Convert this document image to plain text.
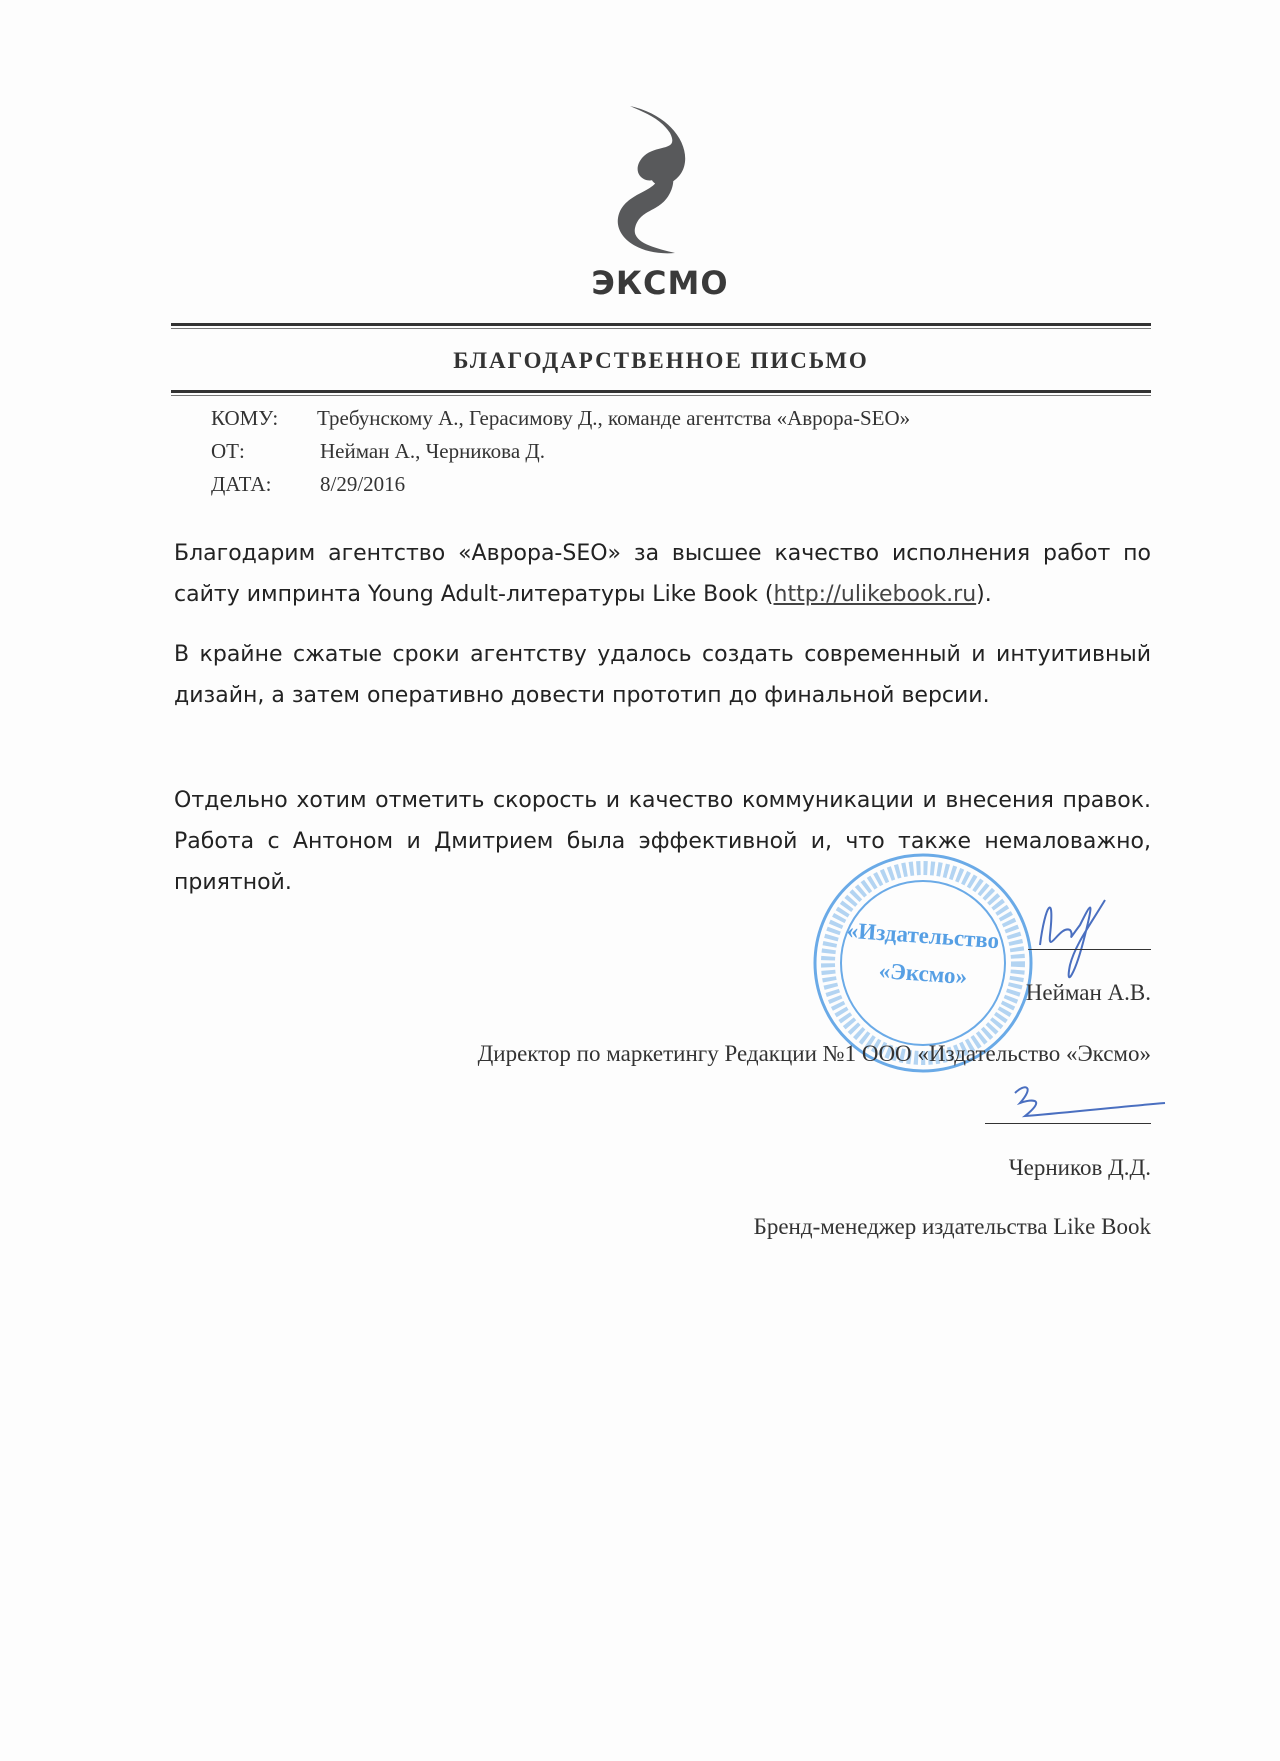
ЭКСМО
БЛАГОДАРСТВЕННОЕ ПИСЬМО
КОМУ: Требунскому А., Герасимову Д., команде агентства «Аврора-SEO»
ОТ:	Нейман А., Черникова Д.
ДАТА: 8/29/2016
Благодарим агентство «Аврора-SEO» за высшее качество исполнения работ по сайту импринта Young Adult-литературы Like Book (http://ulikebook.ru).
В крайне сжатые сроки агентству удалось создать современный и интуитивный дизайн, а затем оперативно довести прототип до финальной версии.
Отдельно хотим отметить скорость и качество коммуникации и внесения правок. Работа с Антоном и Дмитрием была эффективной и, что также немаловажно, приятной.
«Издательство
«Эксмо»
Нейман А.В.
Директор по маркетингу Редакции №1 ООО «Издательство «Эксмо»
Черников Д.Д.
Бренд-менеджер издательства Like Book
